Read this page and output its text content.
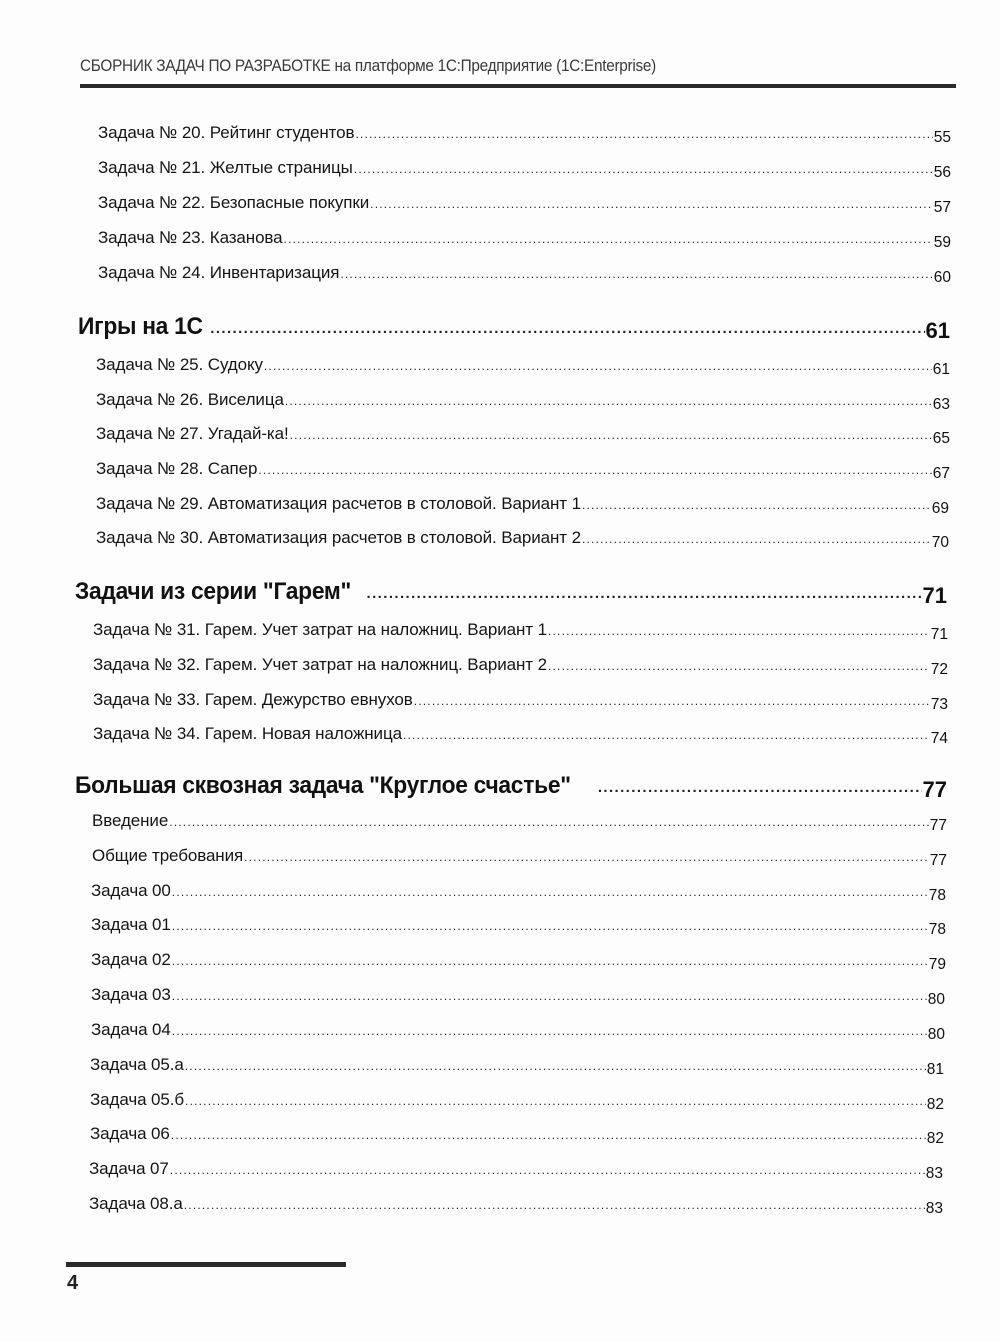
СБОРНИК ЗАДАЧ ПО РАЗРАБОТКЕ на платформе 1С:Предприятие (1С:Enterprise)
Задача № 20. Рейтинг студентов .....	55
Задача № 21. Желтые страницы .....	56
Задача № 22. Безопасные покупки .....	57
Задача № 23. Казанова .....	59
Задача № 24. Инвентаризация .....	60
Игры на 1С .....	61
Задача № 25. Судоку .....	61
Задача № 26. Виселица .....	63
Задача № 27. Угадай-ка! .....	65
Задача № 28. Сапер .....	67
Задача № 29. Автоматизация расчетов в столовой. Вариант 1 .....	69
Задача № 30. Автоматизация расчетов в столовой. Вариант 2 .....	70
Задачи из серии "Гарем" .....	71
Задача № 31. Гарем. Учет затрат на наложниц. Вариант 1 .....	71
Задача № 32. Гарем. Учет затрат на наложниц. Вариант 2 .....	72
Задача № 33. Гарем. Дежурство евнухов .....	73
Задача № 34. Гарем. Новая наложница .....	74
Большая сквозная задача "Круглое счастье" .....	77
Введение .....	77
Общие требования .....	77
Задача 00 .....	78
Задача 01 .....	78
Задача 02 .....	79
Задача 03 .....	80
Задача 04 .....	80
Задача 05.а .....	81
Задача 05.б .....	82
Задача 06 .....	82
Задача 07 .....	83
Задача 08.а .....	83
4
